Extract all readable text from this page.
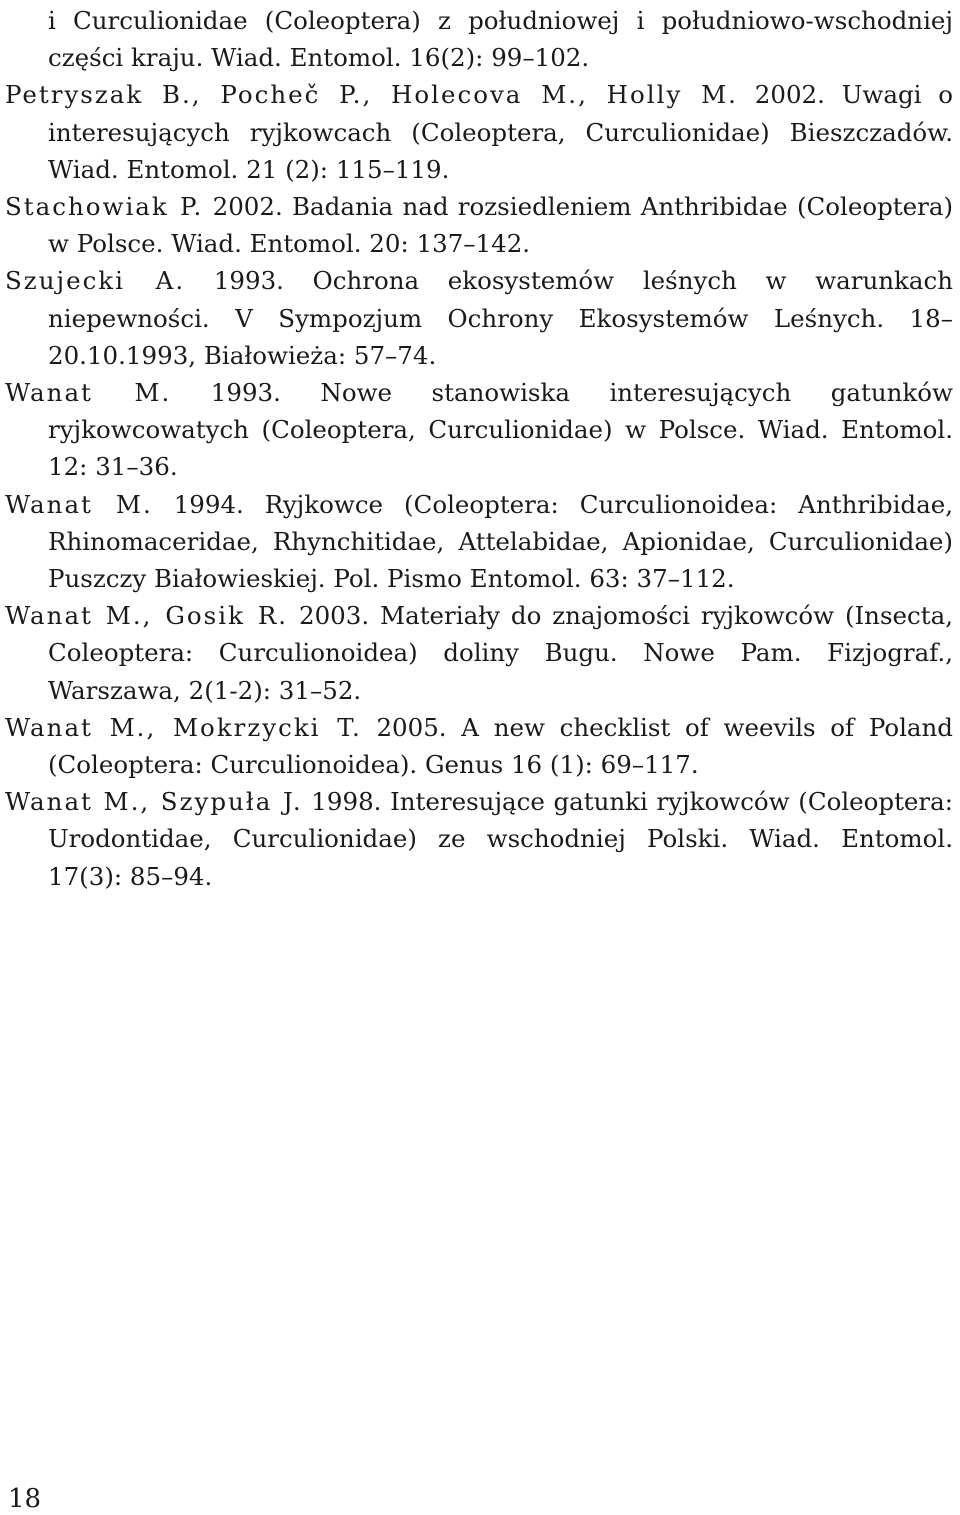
i Curculionidae (Coleoptera) z południowej i południowo-wschodniej części kraju. Wiad. Entomol. 16(2): 99–102.

Petryszak B., Pocheč P., Holecova M., Holly M. 2002. Uwagi o interesujących ryjkowcach (Coleoptera, Curculionidae) Bieszczadów. Wiad. Entomol. 21 (2): 115–119.

Stachowiak P. 2002. Badania nad rozsiedleniem Anthribidae (Coleoptera) w Polsce. Wiad. Entomol. 20: 137–142.

Szujecki A. 1993. Ochrona ekosystemów leśnych w warunkach niepewności. V Sympozjum Ochrony Ekosystemów Leśnych. 18–20.10.1993, Białowieża: 57–74.

Wanat M. 1993. Nowe stanowiska interesujących gatunków ryjkowcowatych (Coleoptera, Curculionidae) w Polsce. Wiad. Entomol. 12: 31–36.

Wanat M. 1994. Ryjkowce (Coleoptera: Curculionoidea: Anthribidae, Rhinomaceridae, Rhynchitidae, Attelabidae, Apionidae, Curculionidae) Puszczy Białowieskiej. Pol. Pismo Entomol. 63: 37–112.

Wanat M., Gosik R. 2003. Materiały do znajomości ryjkowców (Insecta, Coleoptera: Curculionoidea) doliny Bugu. Nowe Pam. Fizjograf., Warszawa, 2(1-2): 31–52.

Wanat M., Mokrzycki T. 2005. A new checklist of weevils of Poland (Coleoptera: Curculionoidea). Genus 16 (1): 69–117.

Wanat M., Szypuła J. 1998. Interesujące gatunki ryjkowców (Coleoptera: Urodontidae, Curculionidae) ze wschodniej Polski. Wiad. Entomol. 17(3): 85–94.

18
